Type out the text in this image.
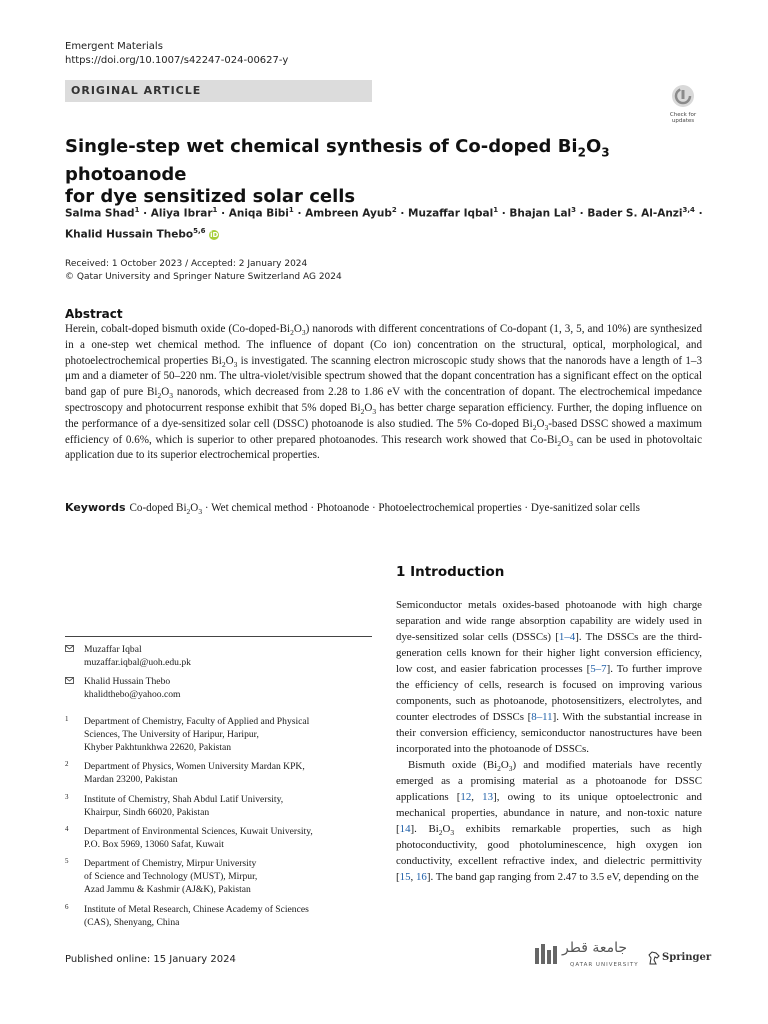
Emergent Materials
https://doi.org/10.1007/s42247-024-00627-y
ORIGINAL ARTICLE
Check for
updates
Single-step wet chemical synthesis of Co-doped $Bi_2O_3$ photoanode
for dye sensitized solar cells
Salma Shad$^1$ · Aliya Ibrar$^1$ · Aniqa Bibi$^1$ · Ambreen Ayub$^2$ · Muzaffar Iqbal$^1$ · Bhajan Lal$^3$ · Bader S. Al-Anzi$^{3,4}$ ·
Khalid Hussain Thebo$^{5,6}$ iD
Received: 1 October 2023 / Accepted: 2 January 2024
© Qatar University and Springer Nature Switzerland AG 2024
Abstract

Herein, cobalt-doped bismuth oxide $(Co-doped-Bi_2O_3)$ nanorods with different concentrations of Co-dopant (1, 3, 5, and 10%) are synthesized in a one-step wet chemical method. The influence of dopant (Co ion) concentration on the structural, optical, morphological, and photoelectrochemical properties $Bi_2O_3$ is investigated. The scanning electron microscopic study shows that the nanorods have a length of 1–3 μm and a diameter of 50–220 nm. The ultra-violet/visible spectrum showed that the dopant concentration has a significant effect on the optical band gap of pure $Bi_2O_3$ nanorods, which decreased from 2.28 to 1.86 eV with the concentration of dopant. The electrochemical impedance spectroscopy and photocurrent response exhibit that 5% doped $Bi_2O_3$ has better charge separation efficiency. Further, the doping influence on the performance of a dye-sensitized solar cell (DSSC) photoanode is also studied. The 5% Co-doped $Bi_2O_3$-based DSSC showed a maximum efficiency of 0.6%, which is superior to other prepared photoanodes. This research work showed that $Co-Bi_2O_3$ can be used in photovoltaic application due to its superior electrochemical properties.

Keywords Co-doped $Bi_2O_3$ · Wet chemical method · Photoanode · Photoelectrochemical properties · Dye-sanitized solar cells

1 Introduction

Semiconductor metals oxides-based photoanode with high charge separation and wide range absorption capability are widely used in dye-sensitized solar cells (DSSCs) [1–4]. The DSSCs are the third-generation cells known for their higher light conversion efficiency, low cost, and easier fabrication processes [5–7]. To further improve the efficiency of cells, research is focused on improving various components, such as photoanode, photosensitizers, electrolytes, and counter electrodes of DSSCs [8–11]. With the substantial increase in their conversion efficiency, semiconductor nanostructures have been incorporated into the photoanode of DSSCs.

Bismuth oxide $(Bi_2O_3)$ and modified materials have recently emerged as a promising material as a photoanode for DSSC applications [12, 13], owing to its unique optoelectronic and mechanical properties, abundance in nature, and non-toxic nature [14]. $Bi_2O_3$ exhibits remarkable properties, such as high photoconductivity, good photoluminescence, high oxygen ion conductivity, excellent refractive index, and dielectric permittivity [15, 16]. The band gap ranging from 2.47 to 3.5 eV, depending on the

Muzaffar Iqbal
muzaffar.iqbal@uoh.edu.pk
Khalid Hussain Thebo
khalidthebo@yahoo.com
1 Department of Chemistry, Faculty of Applied and Physical
Sciences, The University of Haripur, Haripur,
Khyber Pakhtunkhwa 22620, Pakistan
2 Department of Physics, Women University Mardan KPK,
Mardan 23200, Pakistan
3 Institute of Chemistry, Shah Abdul Latif University,
Khairpur, Sindh 66020, Pakistan
4 Department of Environmental Sciences, Kuwait University,
P.O. Box 5969, 13060 Safat, Kuwait
5 Department of Chemistry, Mirpur University
of Science and Technology (MUST), Mirpur,
Azad Jammu & Kashmir (AJ&K), Pakistan
6 Institute of Metal Research, Chinese Academy of Sciences
(CAS), Shenyang, China
Published online: 15 January 2024
جامعة قطر
QATAR UNIVERSITY
Springer
